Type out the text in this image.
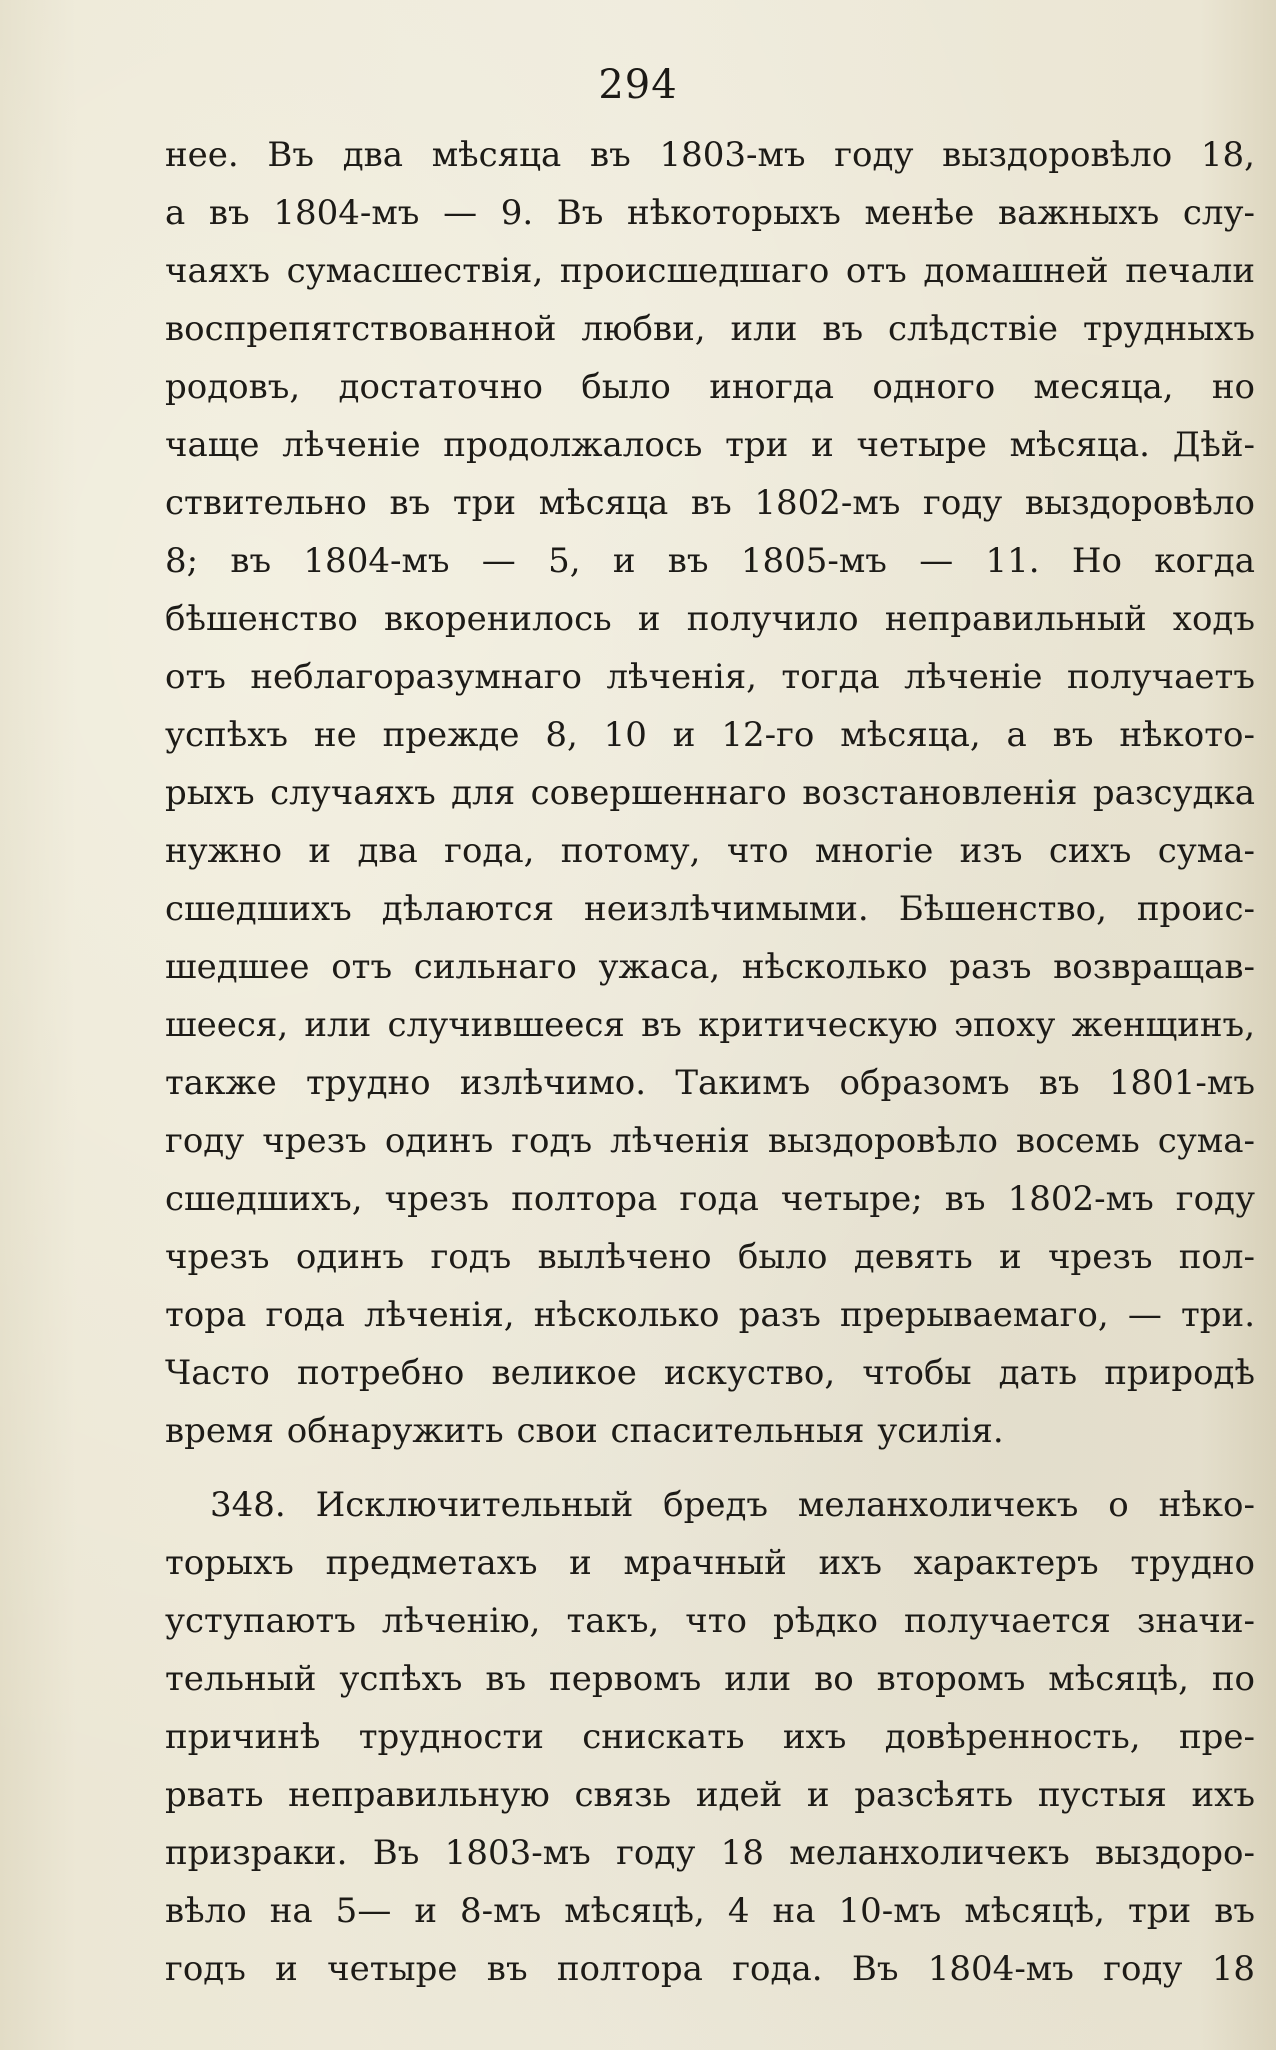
294
нее. Въ два мѣсяца въ 1803-мъ году выздоровѣло 18,
а въ 1804-мъ — 9. Въ нѣкоторыхъ менѣе важныхъ слу-
чаяхъ сумасшествія, происшедшаго отъ домашней печали
воспрепятствованной любви, или въ слѣдствіе трудныхъ
родовъ, достаточно было иногда одного месяца, но
чаще лѣченіе продолжалось три и четыре мѣсяца. Дѣй-
ствительно въ три мѣсяца въ 1802-мъ году выздоровѣло
8; въ 1804-мъ — 5, и въ 1805-мъ — 11. Но когда
бѣшенство вкоренилось и получило неправильный ходъ
отъ неблагоразумнаго лѣченія, тогда лѣченіе получаетъ
успѣхъ не прежде 8, 10 и 12-го мѣсяца, а въ нѣкото-
рыхъ случаяхъ для совершеннаго возстановленія разсудка
нужно и два года, потому, что многіе изъ сихъ сума-
сшедшихъ дѣлаются неизлѣчимыми. Бѣшенство, проис-
шедшее отъ сильнаго ужаса, нѣсколько разъ возвращав-
шееся, или случившееся въ критическую эпоху женщинъ,
также трудно излѣчимо. Такимъ образомъ въ 1801-мъ
году чрезъ одинъ годъ лѣченія выздоровѣло восемь сума-
сшедшихъ, чрезъ полтора года четыре; въ 1802-мъ году
чрезъ одинъ годъ вылѣчено было девять и чрезъ пол-
тора года лѣченія, нѣсколько разъ прерываемаго, — три.
Часто потребно великое искуство, чтобы дать природѣ
время обнаружить свои спасительныя усилія.
348. Исключительный бредъ меланхоличекъ о нѣко-
торыхъ предметахъ и мрачный ихъ характеръ трудно
уступаютъ лѣченію, такъ, что рѣдко получается значи-
тельный успѣхъ въ первомъ или во второмъ мѣсяцѣ, по
причинѣ трудности снискать ихъ довѣренность, пре-
рвать неправильную связь идей и разсѣять пустыя ихъ
призраки. Въ 1803-мъ году 18 меланхоличекъ выздоро-
вѣло на 5— и 8-мъ мѣсяцѣ, 4 на 10-мъ мѣсяцѣ, три въ
годъ и четыре въ полтора года. Въ 1804-мъ году 18
